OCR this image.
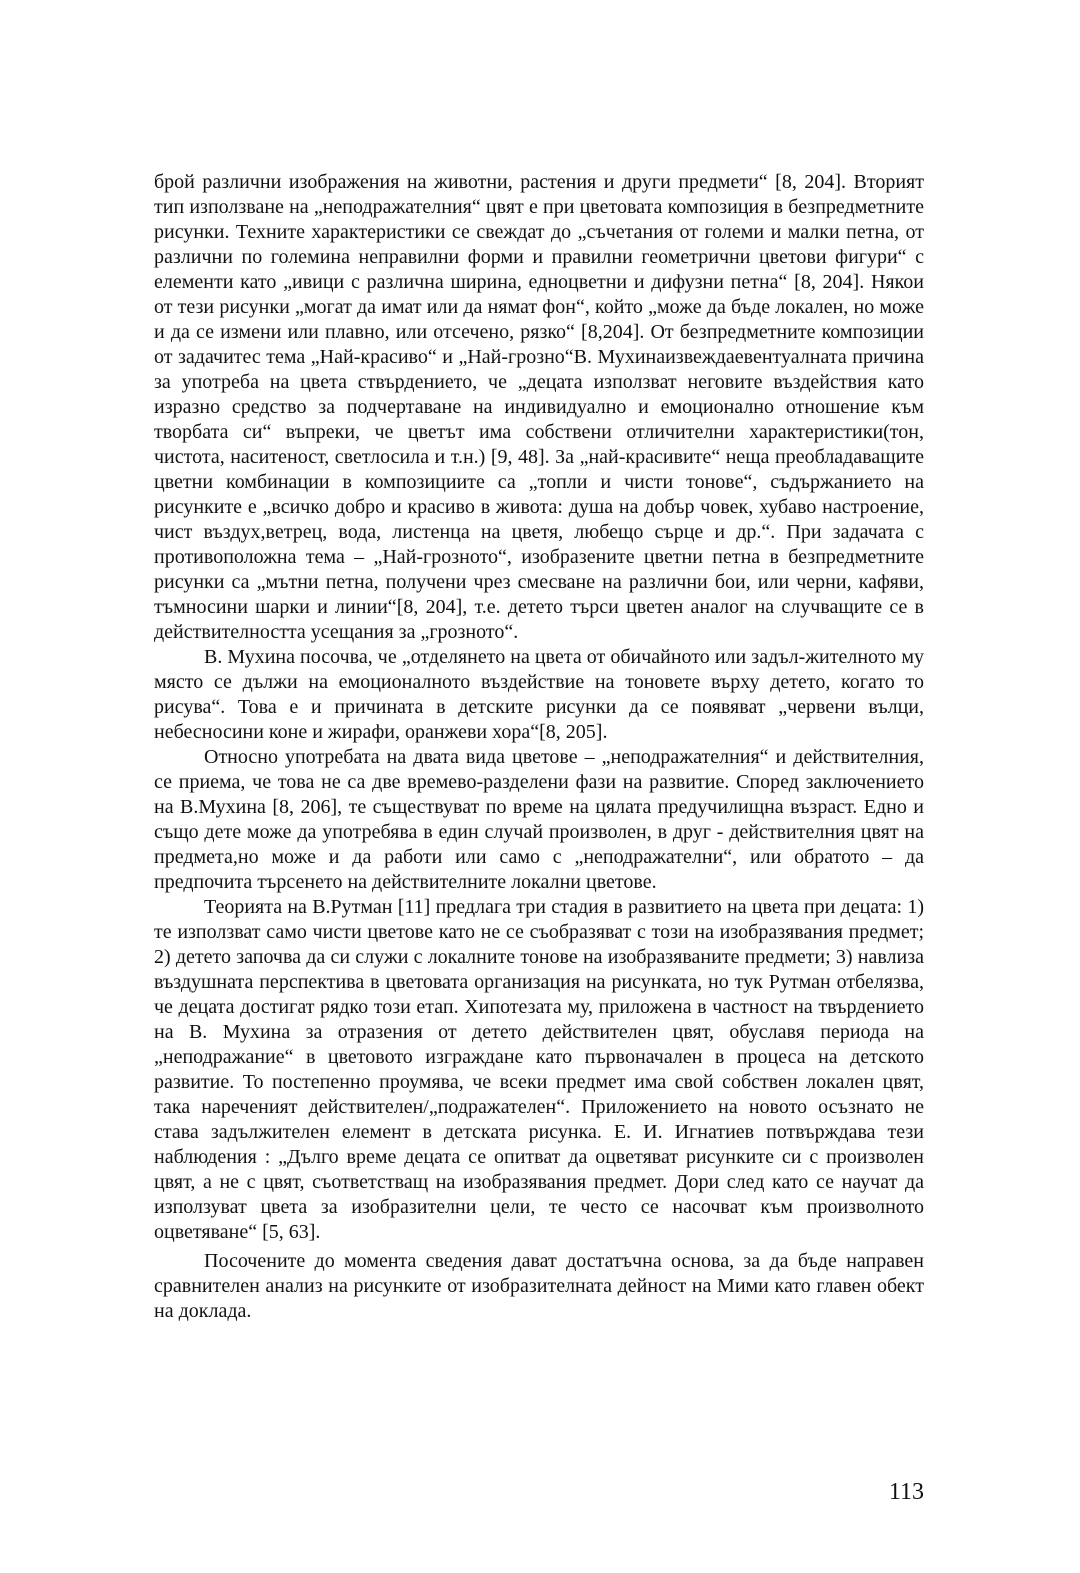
брой различни изображения на животни, растения и други предмети“ [8, 204]. Вторият тип използване на „неподражателния“ цвят е при цветовата композиция в безпредметните рисунки. Техните характеристики се свеждат до „съчетания от големи и малки петна, от различни по големина неправилни форми и правилни геометрични цветови фигури“ с елементи като „ивици с различна ширина, едноцветни и дифузни петна“ [8, 204]. Някои от тези рисунки „могат да имат или да нямат фон“, който „може да бъде локален, но може и да се измени или плавно, или отсечено, рязко“ [8,204]. От безпредметните композиции от задачитес тема „Най-красиво“ и „Най-грозно“В. Мухинаизвеждаевентуалната причина за употреба на цвета ствърдението, че „децата използват неговите въздействия като изразно средство за подчертаване на индивидуално и емоционално отношение към творбата си“ въпреки, че цветът има собствени отличителни характеристики(тон, чистота, наситеност, светлосила и т.н.) [9, 48]. За „най-красивите“ неща преобладаващите цветни комбинации в композициите са „топли и чисти тонове“, съдържанието на рисунките е „всичко добро и красиво в живота: душа на добър човек, хубаво настроение, чист въздух,ветрец, вода, листенца на цветя, любещо сърце и др.“. При задачата с противоположна тема – „Най-грозното“, изобразените цветни петна в безпредметните рисунки са „мътни петна, получени чрез смесване на различни бои, или черни, кафяви, тъмносини шарки и линии“[8, 204], т.е. детето търси цветен аналог на случващите се в действителността усещания за „грозното“.

В. Мухина посочва, че „отделянето на цвета от обичайното или задъл-жителното му място се дължи на емоционалното въздействие на тоновете върху детето, когато то рисува“. Това е и причината в детските рисунки да се появяват „червени вълци, небесносини коне и жирафи, оранжеви хора“[8, 205].

Относно употребата на двата вида цветове – „неподражателния“ и действителния, се приема, че това не са две времево-разделени фази на развитие. Според заключението на В.Мухина [8, 206], те съществуват по време на цялата предучилищна възраст. Едно и също дете може да употребява в един случай произволен, в друг - действителния цвят на предмета,но може и да работи или само с „неподражателни“, или обратото – да предпочита търсенето на действителните локални цветове.

Теорията на В.Рутман [11] предлага три стадия в развитието на цвета при децата: 1) те използват само чисти цветове като не се съобразяват с този на изобразявания предмет; 2) детето започва да си служи с локалните тонове на изобразяваните предмети; 3) навлиза въздушната перспектива в цветовата организация на рисунката, но тук Рутман отбелязва, че децата достигат рядко този етап. Хипотезата му, приложена в частност на твърдението на В. Мухина за отразения от детето действителен цвят, обуславя периода на „неподражание“ в цветовото изграждане като първоначален в процеса на детското развитие. То постепенно проумява, че всеки предмет има свой собствен локален цвят, така нареченият действителен/„подражателен“. Приложението на новото осъзнато не става задължителен елемент в детската рисунка. Е. И. Игнатиев потвърждава тези наблюдения : „Дълго време децата се опитват да оцветяват рисунките си с произволен цвят, а не с цвят, съответстващ на изобразявания предмет. Дори след като се научат да използуват цвета за изобразителни цели, те често се насочват към произволното оцветяване“ [5, 63].

Посочените до момента сведения дават достатъчна основа, за да бъде направен сравнителен анализ на рисунките от изобразителната дейност на Мими като главен обект на доклада.

113
